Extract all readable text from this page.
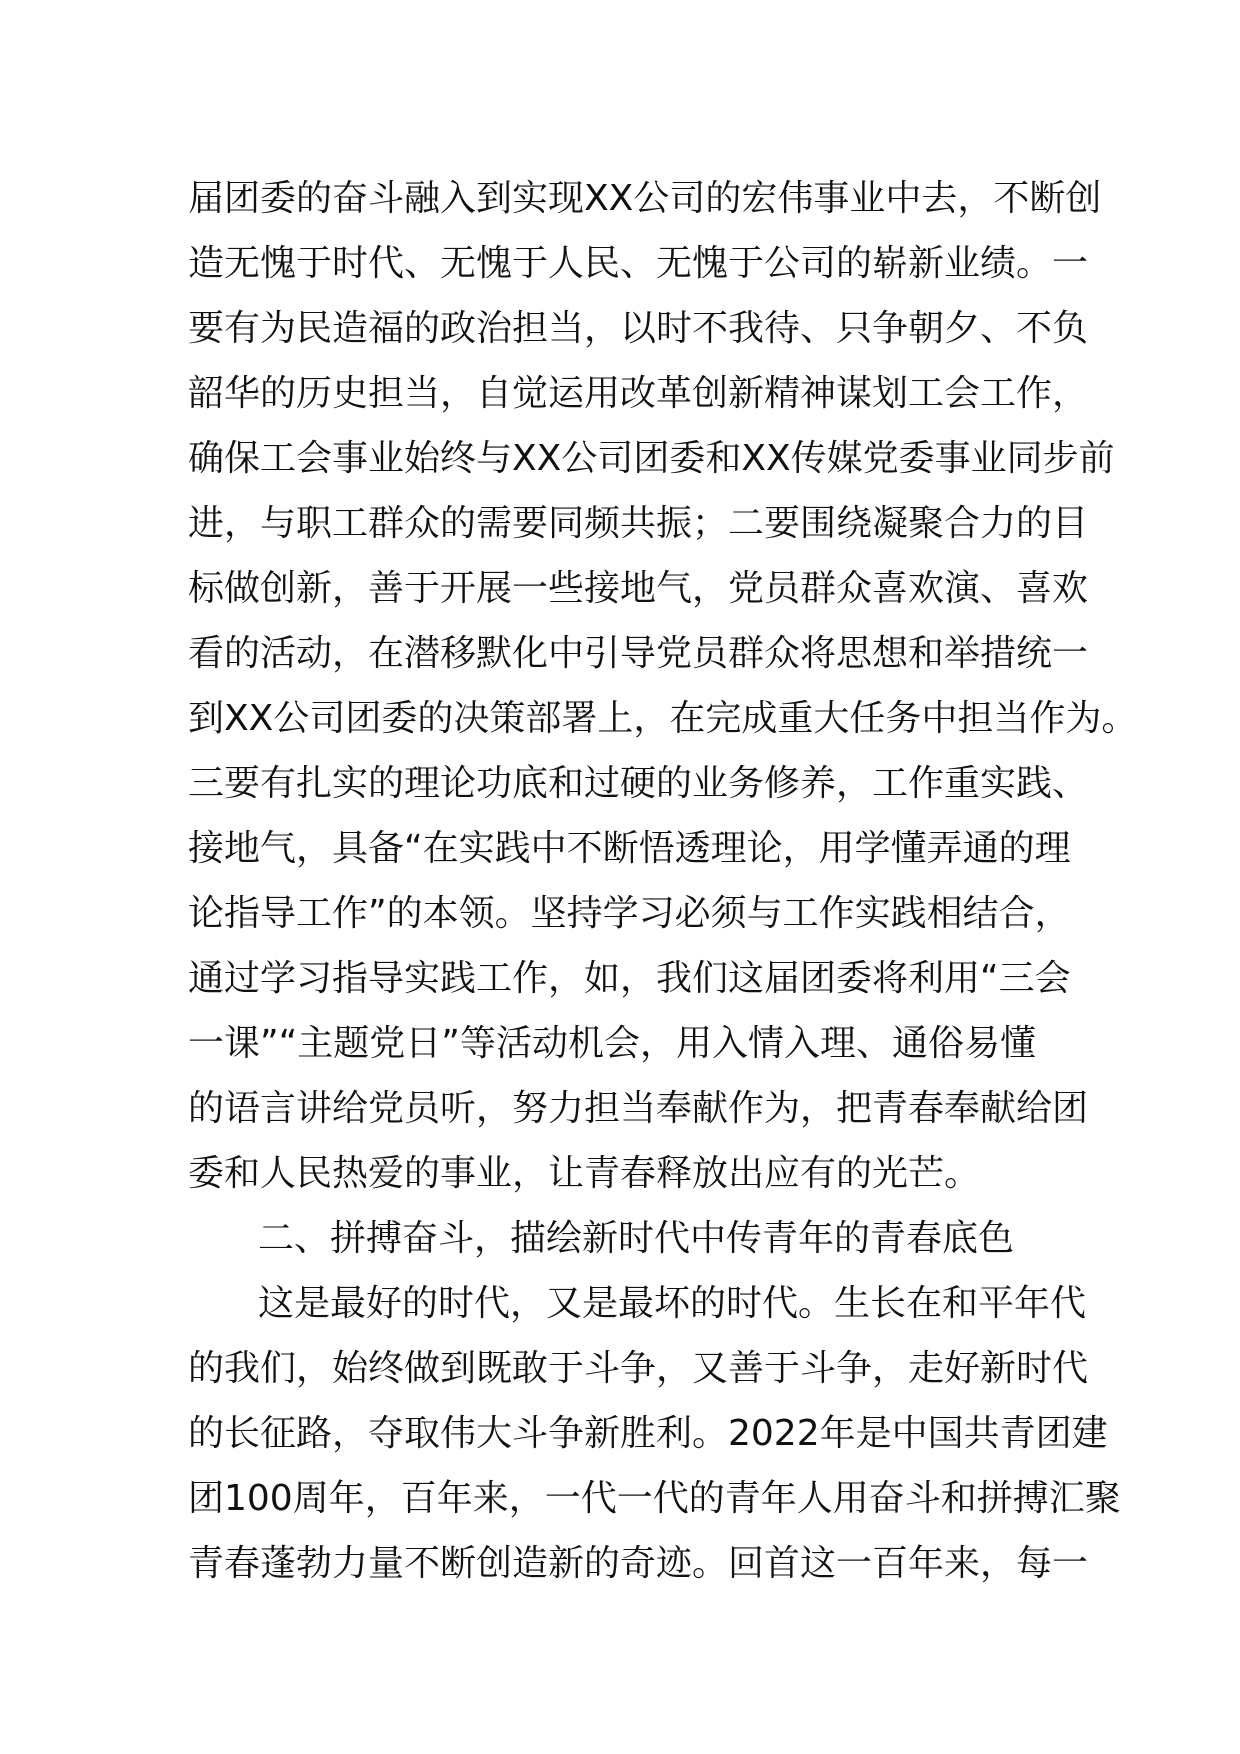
届团委的奋斗融入到实现XX公司的宏伟事业中去，不断创
造无愧于时代、无愧于人民、无愧于公司的崭新业绩。一
要有为民造福的政治担当，以时不我待、只争朝夕、不负
韶华的历史担当，自觉运用改革创新精神谋划工会工作，
确保工会事业始终与XX公司团委和XX传媒党委事业同步前
进，与职工群众的需要同频共振；二要围绕凝聚合力的目
标做创新，善于开展一些接地气，党员群众喜欢演、喜欢
看的活动，在潜移默化中引导党员群众将思想和举措统一
到XX公司团委的决策部署上，在完成重大任务中担当作为。
三要有扎实的理论功底和过硬的业务修养，工作重实践、
接地气，具备“在实践中不断悟透理论，用学懂弄通的理
论指导工作”的本领。坚持学习必须与工作实践相结合，
通过学习指导实践工作，如，我们这届团委将利用“三会
一课”“主题党日”等活动机会，用入情入理、通俗易懂
的语言讲给党员听，努力担当奉献作为，把青春奉献给团
委和人民热爱的事业，让青春释放出应有的光芒。
二、拼搏奋斗，描绘新时代中传青年的青春底色
这是最好的时代，又是最坏的时代。生长在和平年代
的我们，始终做到既敢于斗争，又善于斗争，走好新时代
的长征路，夺取伟大斗争新胜利。2022年是中国共青团建
团100周年，百年来，一代一代的青年人用奋斗和拼搏汇聚
青春蓬勃力量不断创造新的奇迹。回首这一百年来，每一
